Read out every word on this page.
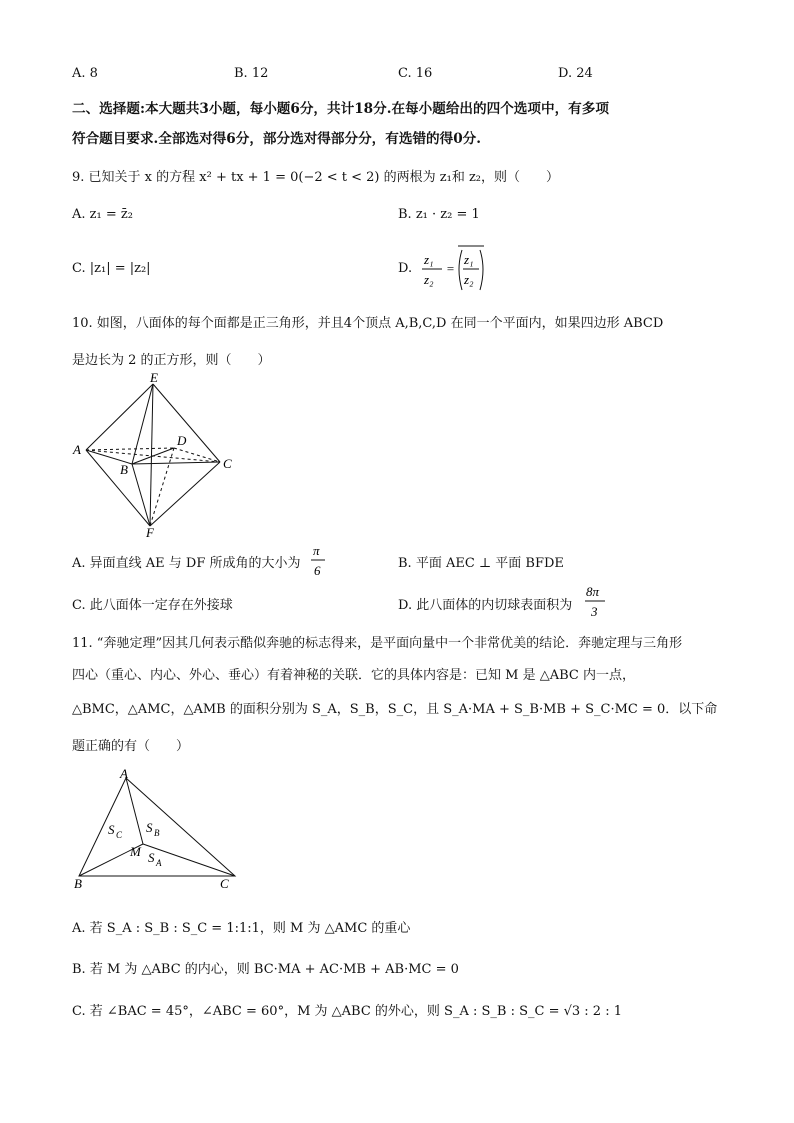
A. 8	B. 12	C. 16	D. 24
二、选择题:本大题共3小题，每小题6分，共计18分.在每小题给出的四个选项中，有多项
符合题目要求.全部选对得6分，部分选对得部分分，有选错的得0分.
9. 已知关于 x 的方程 x² + tx + 1 = 0(−2 < t < 2) 的两根为 z₁和 z₂，则（　　）
A. z₁ = z̄₂	B. z₁ · z₂ = 1
C. |z₁| = |z₂|	D.
z₁
z₂
=
z₁
z₂
10. 如图，八面体的每个面都是正三角形，并且4个顶点 A,B,C,D 在同一个平面内，如果四边形 ABCD
是边长为 2 的正方形，则（　　）
E
A
D
B	C
F
A. 异面直线 AE 与 DF 所成角的大小为
π
6	B. 平面 AEC ⊥ 平面 BFDE
C. 此八面体一定存在外接球	D. 此八面体的内切球表面积为
8π
3
11. “奔驰定理”因其几何表示酷似奔驰的标志得来，是平面向量中一个非常优美的结论．奔驰定理与三角形
四心（重心、内心、外心、垂心）有着神秘的关联．它的具体内容是：已知 M 是 △ABC 内一点，
△BMC，△AMC，△AMB 的面积分别为 S_A，S_B，S_C，且 S_A·MA + S_B·MB + S_C·MC = 0．以下命
题正确的有（　　）
A
B	C
M
S C S B
S A
A. 若 S_A : S_B : S_C = 1:1:1，则 M 为 △AMC 的重心
B. 若 M 为 △ABC 的内心，则 BC·MA + AC·MB + AB·MC = 0
C. 若 ∠BAC = 45°，∠ABC = 60°，M 为 △ABC 的外心，则 S_A : S_B : S_C = √3 : 2 : 1
